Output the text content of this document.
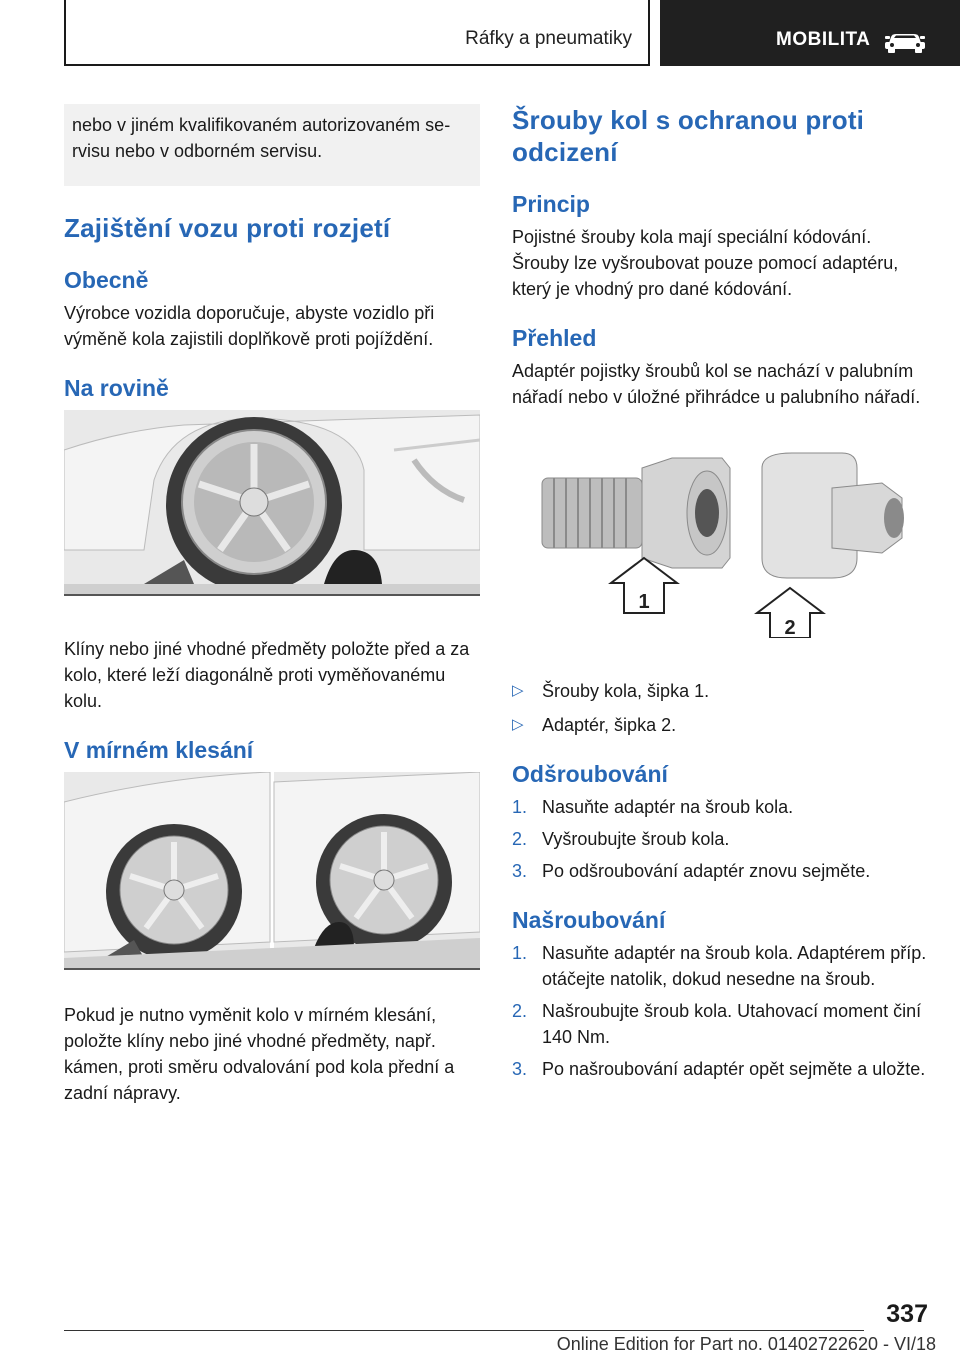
Ráfky a pneumatiky	MOBILITA

nebo v jiném kvalifikovaném autorizovaném servisu nebo v odborném servisu.

Zajištění vozu proti rozjetí
Obecně

Výrobce vozidla doporučuje, abyste vozidlo při výměně kola zajistili doplňkově proti pojíždění.

Na rovině

Klíny nebo jiné vhodné předměty položte před a za kolo, které leží diagonálně proti vyměňovanému kolu.

V mírném klesání

Pokud je nutno vyměnit kolo v mírném klesání, položte klíny nebo jiné vhodné předměty, např. kámen, proti směru odvalování pod kola přední a zadní nápravy.

Šrouby kol s ochranou proti odcizení
Princip

Pojistné šrouby kola mají speciální kódování. Šrouby lze vyšroubovat pouze pomocí adaptéru, který je vhodný pro dané kódování.

Přehled

Adaptér pojistky šroubů kol se nachází v palubním nářadí nebo v úložné přihrádce u palubního nářadí.

1
2
▷ Šrouby kola, šipka 1.
▷ Adaptér, šipka 2.
Odšroubování
1. Nasuňte adaptér na šroub kola.
2. Vyšroubujte šroub kola.
3. Po odšroubování adaptér znovu sejměte.
Našroubování
1. Nasuňte adaptér na šroub kola. Adaptérem příp. otáčejte natolik, dokud nesedne na šroub.
2. Našroubujte šroub kola. Utahovací moment činí 140 Nm.
3. Po našroubování adaptér opět sejměte a uložte.
337
Online Edition for Part no. 01402722620 - VI/18
